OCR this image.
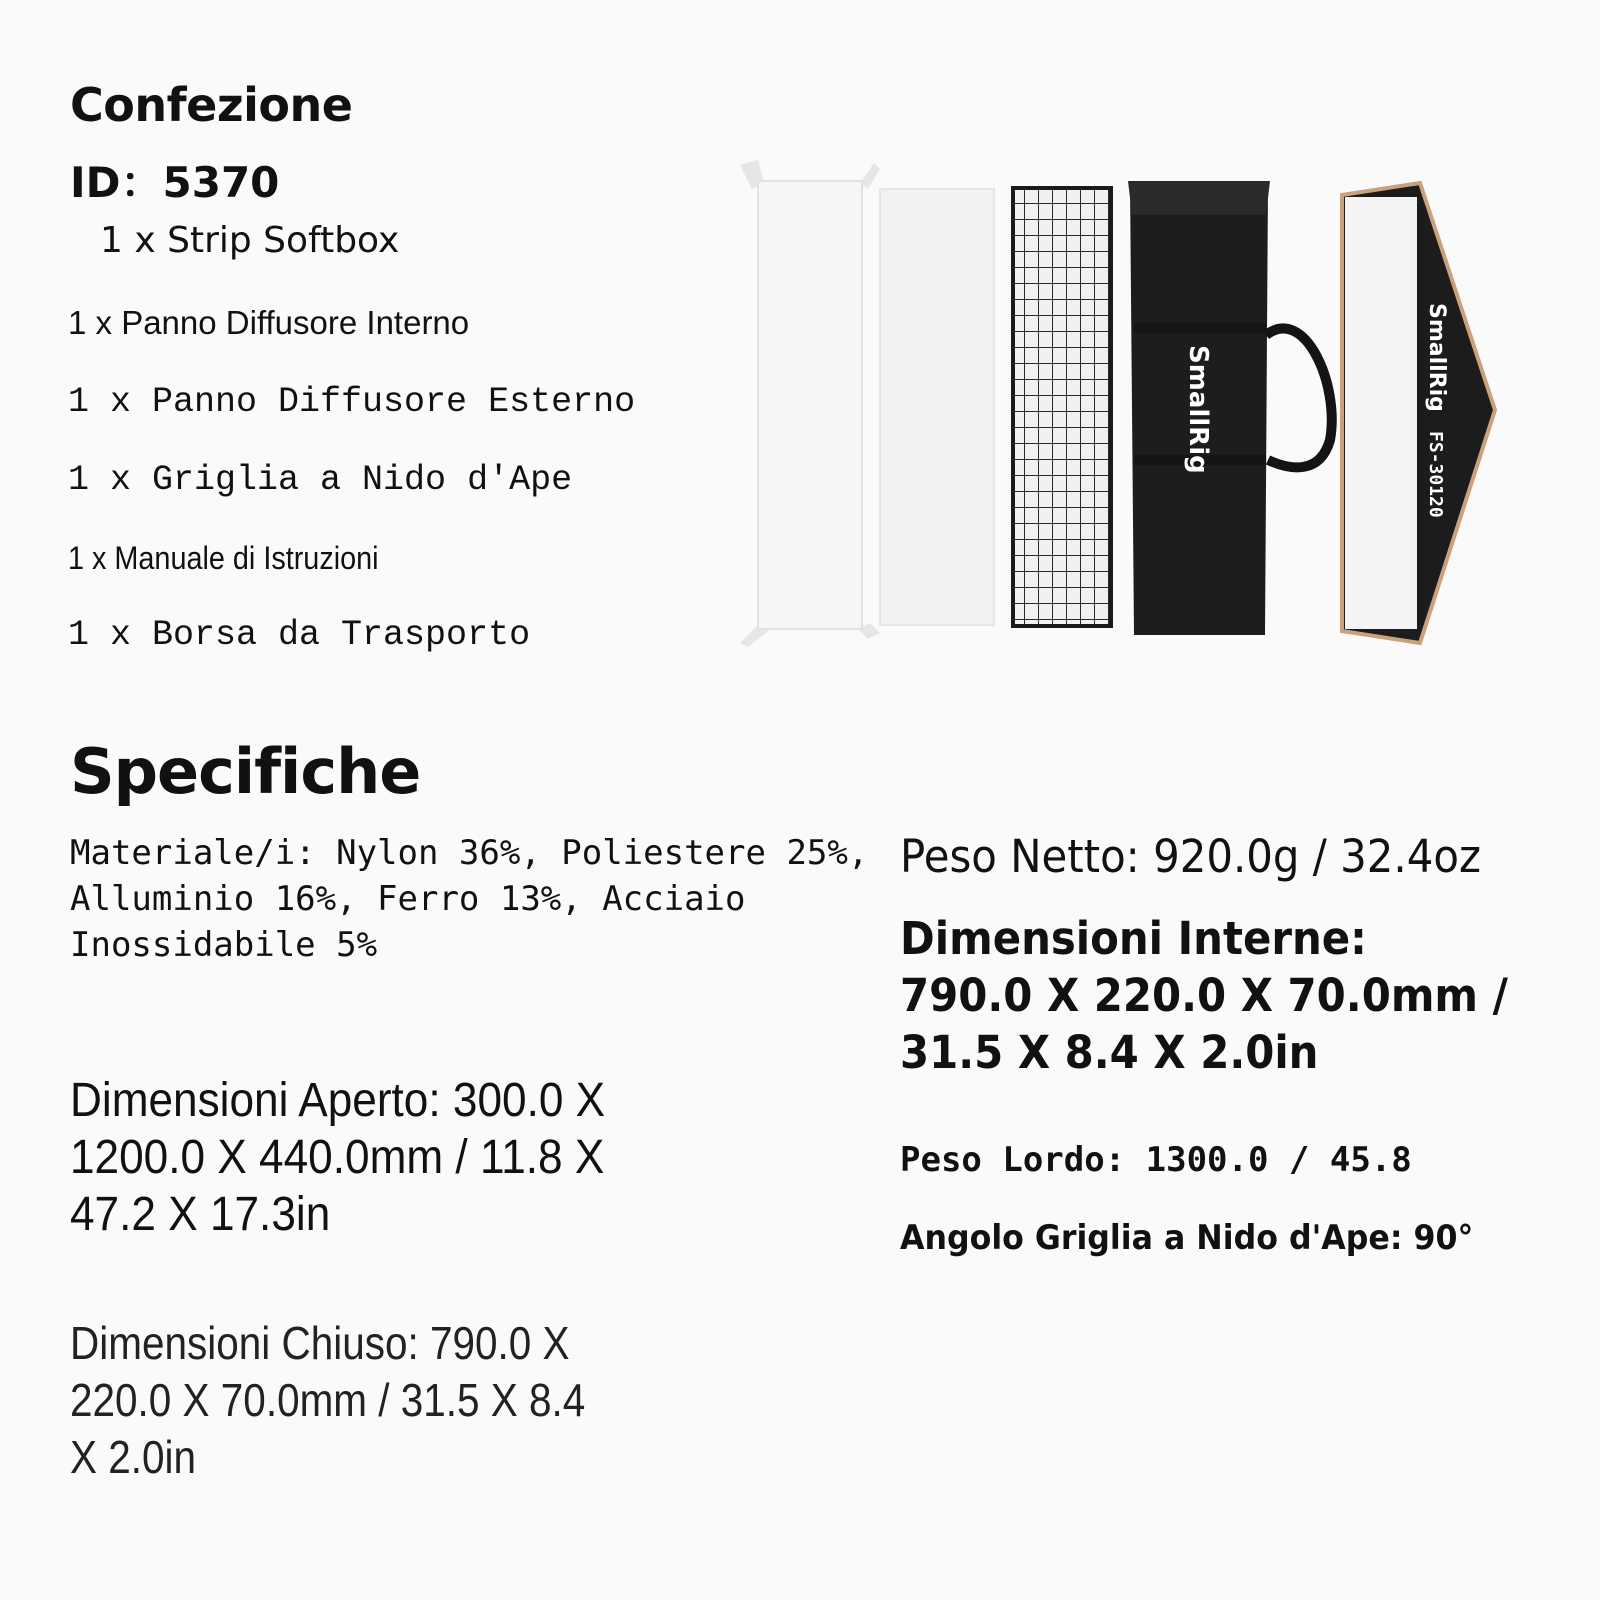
Confezione
ID：5370
1 x Strip Softbox
1 x Panno Diffusore Interno
1 x Panno Diffusore Esterno
1 x Griglia a Nido d'Ape
1 x Manuale di Istruzioni
1 x Borsa da Trasporto
SmallRig	SmallRig
FS-30120
Specifiche
Materiale/i: Nylon 36%, Poliestere 25%, Alluminio 16%, Ferro 13%, Acciaio Inossidabile 5%
Dimensioni Aperto: 300.0 X 1200.0 X 440.0mm / 11.8 X 47.2 X 17.3in
Dimensioni Chiuso: 790.0 X 220.0 X 70.0mm / 31.5 X 8.4 X 2.0in
Peso Netto: 920.0g / 32.4oz
Dimensioni Interne: 790.0 X 220.0 X 70.0mm / 31.5 X 8.4 X 2.0in
Peso Lordo: 1300.0 / 45.8
Angolo Griglia a Nido d'Ape: 90°
